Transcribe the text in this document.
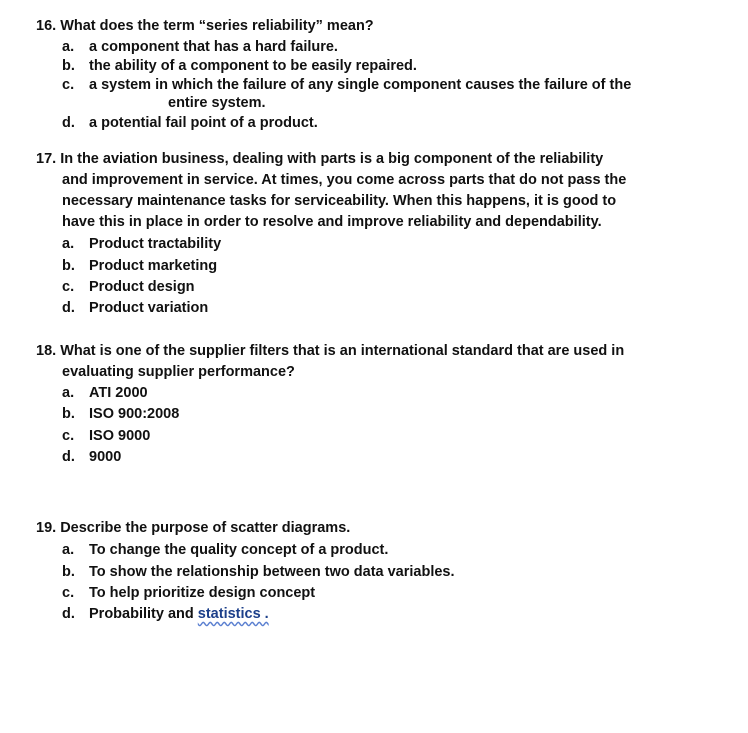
16. What does the term “series reliability” mean?
a. a component that has a hard failure.
b. the ability of a component to be easily repaired.
c. a system in which the failure of any single component causes the failure of the
entire system.
d. a potential fail point of a product.
17. In the aviation business, dealing with parts is a big component of the reliability
and improvement in service. At times, you come across parts that do not pass the
necessary maintenance tasks for serviceability. When this happens, it is good to
have this in place in order to resolve and improve reliability and dependability.
a. Product tractability
b. Product marketing
c. Product design
d. Product variation
18. What is one of the supplier filters that is an international standard that are used in
evaluating supplier performance?
a. ATI 2000
b. ISO 900:2008
c. ISO 9000
d. 9000
19. Describe the purpose of scatter diagrams.
a. To change the quality concept of a product.
b. To show the relationship between two data variables.
c. To help prioritize design concept
d. Probability and statistics .
